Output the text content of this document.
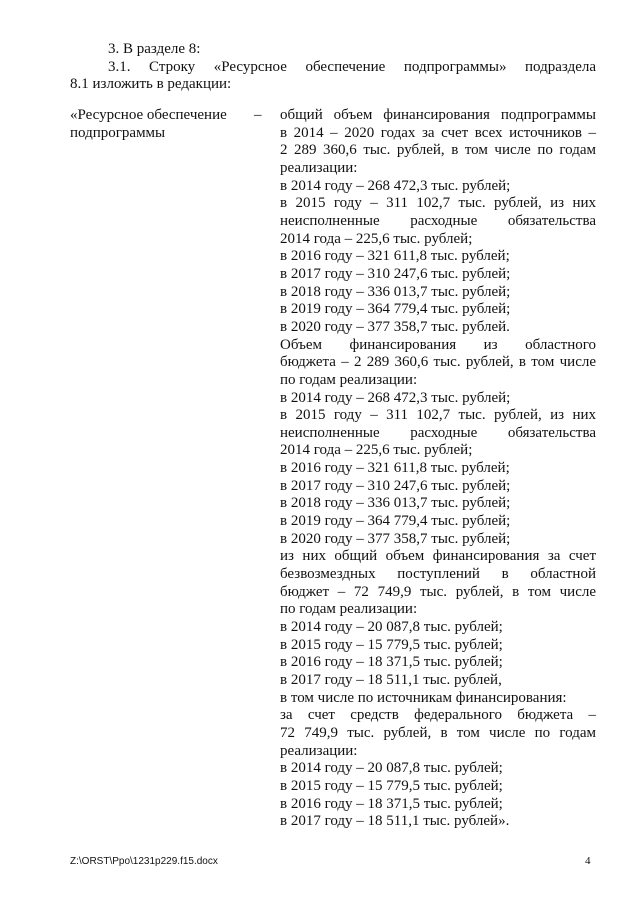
3. В разделе 8:

3.1. Строку «Ресурсное обеспечение подпрограммы» подраздела

8.1 изложить в редакции:

«Ресурсное обеспечение
подпрограммы
– общий объем финансирования подпрограммы
в 2014 – 2020 годах за счет всех источников –
2 289 360,6 тыс. рублей, в том числе по годам
реализации:
в 2014 году – 268 472,3 тыс. рублей;
в 2015 году – 311 102,7 тыс. рублей, из них
неисполненные расходные обязательства
2014 года – 225,6 тыс. рублей;
в 2016 году – 321 611,8 тыс. рублей;
в 2017 году – 310 247,6 тыс. рублей;
в 2018 году – 336 013,7 тыс. рублей;
в 2019 году – 364 779,4 тыс. рублей;
в 2020 году – 377 358,7 тыс. рублей.
Объем финансирования из областного
бюджета – 2 289 360,6 тыс. рублей, в том числе
по годам реализации:
в 2014 году – 268 472,3 тыс. рублей;
в 2015 году – 311 102,7 тыс. рублей, из них
неисполненные расходные обязательства
2014 года – 225,6 тыс. рублей;
в 2016 году – 321 611,8 тыс. рублей;
в 2017 году – 310 247,6 тыс. рублей;
в 2018 году – 336 013,7 тыс. рублей;
в 2019 году – 364 779,4 тыс. рублей;
в 2020 году – 377 358,7 тыс. рублей;
из них общий объем финансирования за счет
безвозмездных поступлений в областной
бюджет – 72 749,9 тыс. рублей, в том числе
по годам реализации:
в 2014 году – 20 087,8 тыс. рублей;
в 2015 году – 15 779,5 тыс. рублей;
в 2016 году – 18 371,5 тыс. рублей;
в 2017 году – 18 511,1 тыс. рублей,
в том числе по источникам финансирования:
за счет средств федерального бюджета –
72 749,9 тыс. рублей, в том числе по годам
реализации:
в 2014 году – 20 087,8 тыс. рублей;
в 2015 году – 15 779,5 тыс. рублей;
в 2016 году – 18 371,5 тыс. рублей;
в 2017 году – 18 511,1 тыс. рублей».
Z:\ORST\Ppo\1231p229.f15.docx	4
